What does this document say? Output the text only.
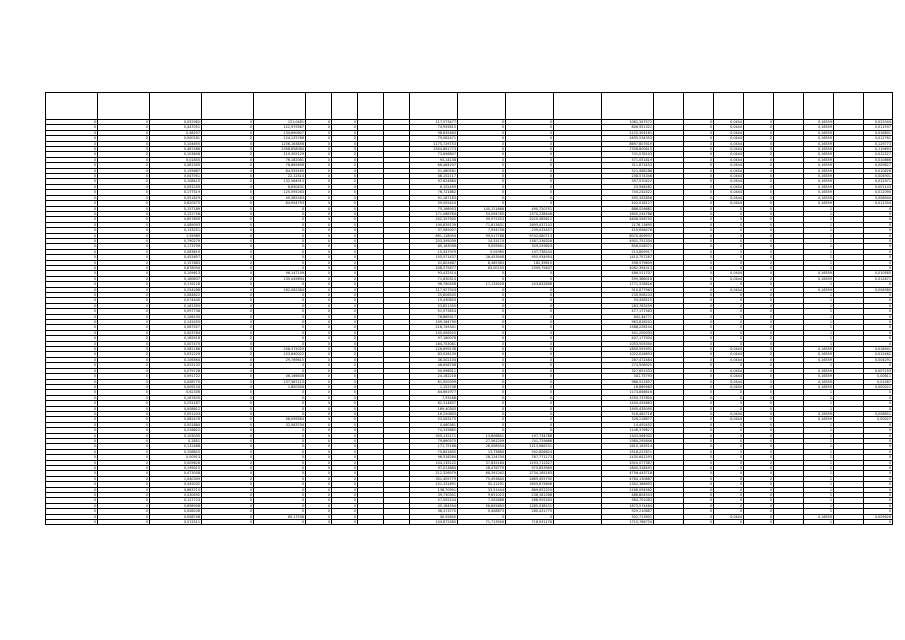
0	0	0,052962	0	121,0481	0	0			117,573477	0	0		1081,347572		0	0,0444	0		0,16559		0,022044
0	0	0,447051	0	122,979367	0	0			74,955615	0	0		806,951321		0	0,0444	0		0,16559		0,011597
0	0	0,48297	0	134,690607	0	0			98,635463	0	0		2125,304161		0	0,0444	0		0,16559		0,016801
0	0	0,500181	0	124,125768	0	0			79,082471	0	0		1635,534353		0	0,0444	0		0,16559		0,012761
0	0	0,104655	0	1256,163856	0	0			1175,729753	0	0		8697,807619		0	0,0444	0		0,16559		0,129773
0	0	0,487486	0	2398,858084	0	0			3304,861773	0	0		7358,800615		0	0,0444	0		0,16559		0,119693
0	0	0,103608	0	119,305129	0	0			73,696807	0	0		741,078103		0	0,0444	0		0,16559		0,012327
0	0	0,01855	0	76,182081	0	0			93,14138	0	0		571,051819		0	0,0444	0		0,16559		0,010866
0	0	0,481305	0	78,865898	0	0			68,484297	0	0		311,873453		0	0,0444	0		0,16559		0,009827
0	0	0,155687	0	84,559165	0	0			51,480581	0	0		521,468286		0	0,0444	0		0,16559		0,010826
0	0	0,047951	0	22,12514	0	0			46,152117	0	0		208,574346		0	0,0444	0		0,16559		0,004901
0	0	0,108415	0	132,564913	0	0			97,624884	0	0		597,570422		0	0,0444	0		0,16559		0,012971
0	0	0,052259	0	6,630431	0	0			6,102459	0	0		25,946281		0	0,0444	0		0,16559		0,001143
0	0	0,177519	0	125,595263	0	0			76,721862	0	0		704,232522		0	0,0444	0		0,16559		0,012090
0	0	0,051829	0	49,385263	0	0			91,187183	0	0		595,332858		0	0,0444	0		0,16559		0,008944
0	0	0,620575	0	64,904793	0	0			59,555424	0	0		402,016127		0	0,0444	0		0,16559		0,011304
0	0	0,157189	0	0	0	0			75,166953	140,121666	490,720751		886,026681		0	0	0		1		0
0	0	0,122756	0	0	0	0			171,088764	54,094765	1570,238446		1600,244768		0	0	0		1		0
0	0	0,657809	0	0	0	0			202,397905	95,972553	2029,385612		4606,556755		0	0	0		1		0
0	0	0,489093	0	0	0	0			190,839139	71,813631	1695,437102		2176,13695		0	0	0		1		0
0	0	0,133251	0	0	0	0			37,985007	7,954756	239,025457		419,658478		0	0	0		1		0
0	0	1,55989	0	0	0	0			891,128094	99,517768	9702,080713		8070,409937		0	0	0		1		0
0	0	0,790279	0	0	0	0			203,395039	14,33174	1587,336326		4901,751334		0	0	0		1		0
0	0	0,173799	0	0	0	0			65,163098	9,009941	309,259803		856,028071		0	0	0		1		0
0	0	0,083619	0	0	0	0			15,347979	5,02965	107,738244		213,809917		0	0	0		1		0
0	0	0,452657	0	0	0	0			155,571437	26,453948	955,934954		1415,757287		0	0	0		1		0
0	0	0,157883	0	0	0	0			41,803487	8,365363	182,39615		598,579609		0	0	0		1		0
0	0	0,878094	0	0	0	0			208,579477	63,00155	2309,79407		4062,394313		0	0	0		1		0
0	0	0,109613	0	96,147109	0	0			93,432514	0	0		486,511707		0	0,0444	0		0,16559		0,010585
0	0	0,160637	0	135,049894	0	0			71,830314	0	0		599,386018		0	0,0444	0		0,16559		0,012871
0	0	0,176126	0	0	0	0			96,780458	17,133026	203,842898		1771,378616		0	0	0		1		0
0	0	0,254288	0	182,082384	0	0			117,927543	0	0		910,877963		0	0,0444	0		0,16559		0,006380
0	0	0,084622	0	0	0	0			25,606545	0	0		230,908103		0	0	0		1		0
0	0	0,074440	0	0	0	0			19,430654	0	0		93,458515		0	0	0		1		0
0	0	0,161395	0	0	0	0			53,821350	0	0		283,763559		0	0	0		1		0
0	0	0,097738	0	0	0	0			51,973854	0	0		477,177563		0	0	0		1		0
0	0	0,106100	0	0	0	0			76,889317	0	0		842,44771		0	0	0		1		0
0	0	0,142455	0	0	0	0			109,184795	0	0		963,818201		0	0	0		1		0
0	0	0,067557	0	0	0	0			216,745341	0	0		1588,226104		0	0	0		1		0
0	0	0,403784	0	0	0	0			100,456320	0	0		541,250033		0	0	0		1		0
0	0	0,185518	0	0	0	0			97,160078	0	0		407,177004		0	0	0		1		0
0	0	0,007475	0	0	0	0			164,753081	0	0		1053,505540		0	0	0		1		0
0	0	0,582166	0	208,375029	0	0			126,699138	0	0		1849,555991		0	0,0444	0		0,16559		0,016941
0	0	0,052229	0	153,640022	0	0			83,026139	0	0		1022,016693		0	0,0444	0		0,16559		0,012462
0	0	0,106564	0	29,769615	0	0			36,302104	0	0		267,472484		0	0,0444	0		0,16559		0,004291
0	0	0,025132	0	0	0	0			48,656798	0	0		274,508925		0	0	0		1		0
0	0	0,079728	0	0	0	0			50,996911	0	0		327,652333		0	0,0444	0		0,16559		0,007253
0	0	0,091722	0	46,166638	0	0			24,182216	0	0		341,75793		0	0,0444	0		0,16559		0,00611
0	0	0,008775	0	137,367113	0	0			61,920099	0	0		986,511657		0	0,0444	0		0,16559		0,01587
0	0	0,009134	0	1,850358	0	0			1,152708	0	0		16,669563		0	0,0444	0		0,16559		0,000521
0	0	0,62336	0	0	0	0			84,661977	0	0		1173,848616		0	0	0		1		0
0	0	0,167635	0	0	0	0			7,93168	0	0		1050,737800		0	0	0		1		0
0	0	0,252187	0	0	0	0			82,314837	0	0		1434,435863		0	0	0		1		0
0	0	0,008612	0	0	0	0			169,40345	0	0		1495,435095		0	0	0		1		0
0	0	0,091203	0	0	0	0			16,250805	0	0		516,462718		0	0,0444	0		0,16559		0,008651
0	0	0,082476	0	46,099584	0	0			53,063175	0	0		328,218877		0	0,0444	0		0,16559		0,00527
0	0	0,001884	0	32,583704	0	0			0,460361	0	0		14,492452		0	0	0		1		0
0	0	0,226622	0	0	0	0			74,335882	0	0		1146,376627		0	0	0		1		0
0	0	0,103035	0	0	0	0			305,132171	13,606841	197,734788		1343,564002		0	0	0		1		0
0	0	0,2851	0	0	0	0			79,660575	27,561209	741,729686		1980,295846		0	0	0		1		0
0	0	0,132468	0	0	0	0			171,75186	26,408934	1213,986701		2610,163514		0	0	0		1		0
0	0	0,108825	0	0	0	0			75,841655	13,73684	542,806624		1516,227871		0	0	0		1		0
0	0	0,00913	0	0	0	0			96,528284	28,124704	767,771173		1430,641293		0	0	0		1		0
0	0	0,009626	0	0	0	0			104,135122	37,632184	1193,712327		2920,077367		0	0	0		1		0
0	0	0,199015	0	0	0	0			97,013684	28,476779	975,853969		1800,318491		0	0	0		1		0
0	0	0,473058	0	0	0	0			212,326979	68,391262	2734,185163		4756,443718		0	0	0		1		0
0	0	1,040349	0	0	0	0			301,405779	75,493840	2669,455792		4784,130887		0	0	0		1		0
0	0	0,445032	0	0	0	0			151,331691	52,21291	1605,675606		2342,386655		0	0	0		1		0
0	0	0,683715	0	0	0	0			136,70951	33,51444	869,652225		2166,094562		0	0	0		1		0
0	0	0,430492	0	0	0	0			39,730301	9,651023	236,161266		486,804543		0	0	0		1		0
0	0	0,127723	0	0	0	0			57,505104	7,302688	268,955263		584,701083		0	0	0		1		0
0	0	0,698908	0	0	0	0			45,184594	56,855663	1285,038101		1875,574464		0	0	0		1		0
0	0	0,008206	0	0	0	0			38,373775	0,408873	280,431775		929,210887		0	0	0		1		0
0	0	0,008748	0	80,17538	0	0			40,92800	0	0		502,713901		0	0,0444	0		0,16559		0,009826
0	0	0,512511	0	0	0	0			100,872585	71,713926	718,931176		1715,766734		0	0	0		1		0
